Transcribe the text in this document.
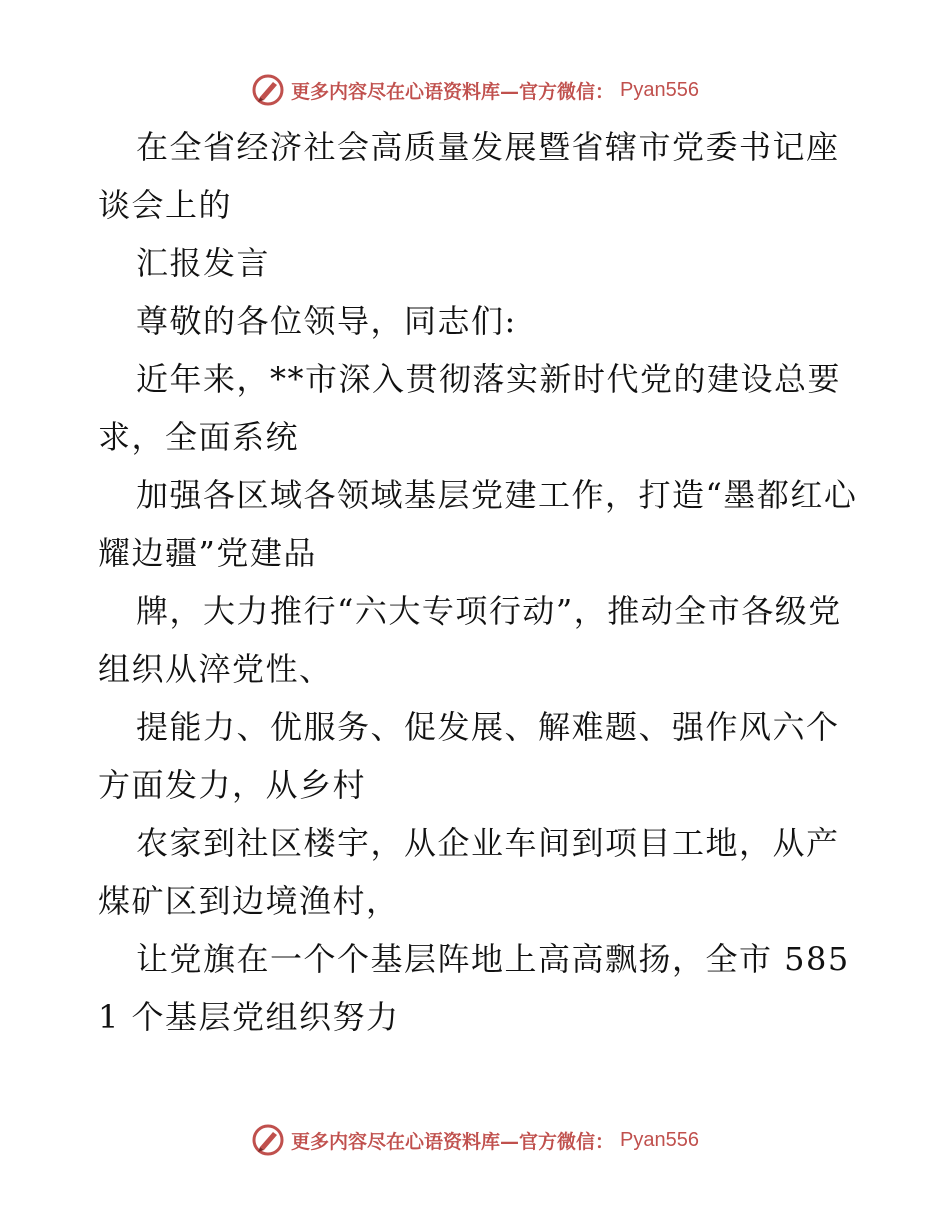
更多内容尽在心语资料库—官方微信： Pyan556

在全省经济社会高质量发展暨省辖市党委书记座谈会上的

汇报发言

尊敬的各位领导，同志们:

近年来，**市深入贯彻落实新时代党的建设总要求，全面系统

加强各区域各领域基层党建工作，打造“墨都红心耀边疆”党建品

牌，大力推行“六大专项行动”，推动全市各级党组织从淬党性、

提能力、优服务、促发展、解难题、强作风六个方面发力，从乡村

农家到社区楼宇，从企业车间到项目工地，从产煤矿区到边境渔村，

让党旗在一个个基层阵地上高高飘扬，全市 5851 个基层党组织努力

更多内容尽在心语资料库—官方微信： Pyan556
